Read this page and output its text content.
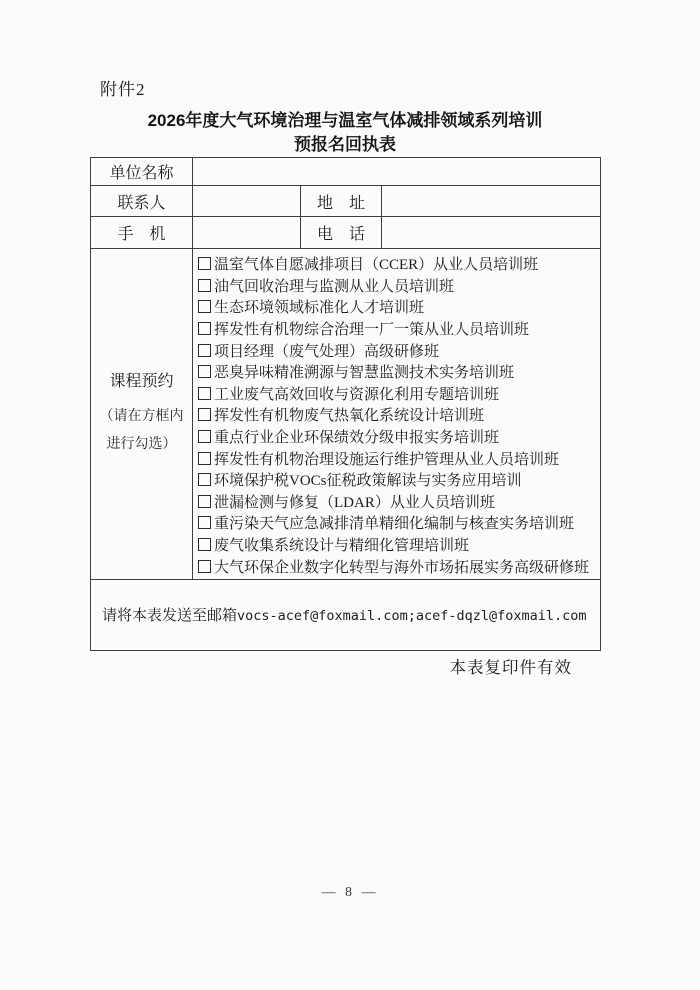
附件2
2026年度大气环境治理与温室气体减排领域系列培训
预报名回执表
单位名称			
联系人		地　址	
手　机		电　话	

课程预约
（请在方框内
进行勾选）

温室气体自愿减排项目（CCER）从业人员培训班
油气回收治理与监测从业人员培训班
生态环境领域标准化人才培训班
挥发性有机物综合治理一厂一策从业人员培训班
项目经理（废气处理）高级研修班
恶臭异味精准溯源与智慧监测技术实务培训班
工业废气高效回收与资源化利用专题培训班
挥发性有机物废气热氧化系统设计培训班
重点行业企业环保绩效分级申报实务培训班
挥发性有机物治理设施运行维护管理从业人员培训班
环境保护税VOCs征税政策解读与实务应用培训
泄漏检测与修复（LDAR）从业人员培训班
重污染天气应急减排清单精细化编制与核查实务培训班
废气收集系统设计与精细化管理培训班
大气环保企业数字化转型与海外市场拓展实务高级研修班

请将本表发送至邮箱vocs-acef@foxmail.com;acef-dqzl@foxmail.com			
本表复印件有效
— 8 —
